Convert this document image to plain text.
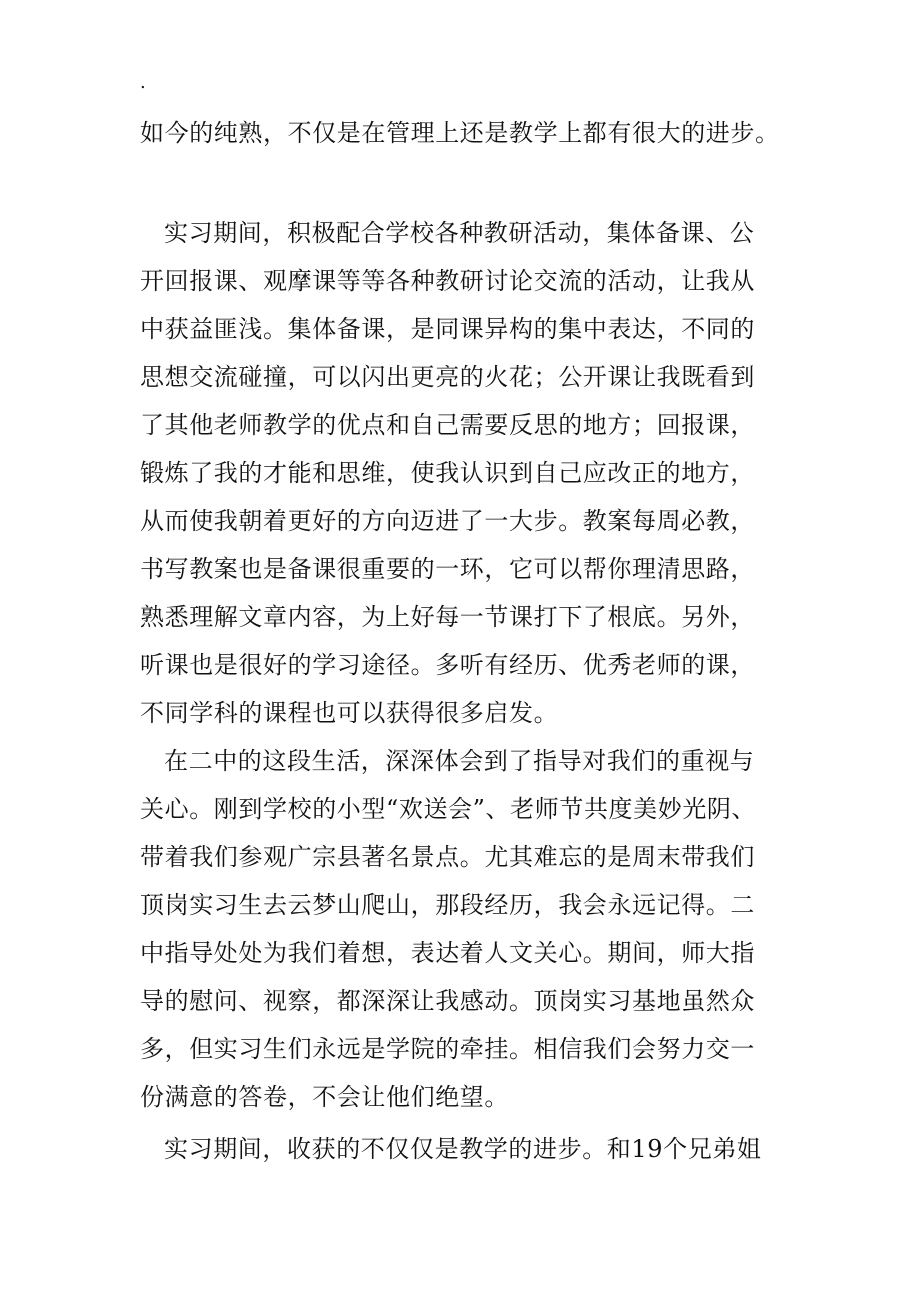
.
如今的纯熟，不仅是在管理上还是教学上都有很大的进步。
实习期间，积极配合学校各种教研活动，集体备课、公
开回报课、观摩课等等各种教研讨论交流的活动，让我从
中获益匪浅。集体备课，是同课异构的集中表达，不同的
思想交流碰撞，可以闪出更亮的火花；公开课让我既看到
了其他老师教学的优点和自己需要反思的地方；回报课，
锻炼了我的才能和思维，使我认识到自己应改正的地方，
从而使我朝着更好的方向迈进了一大步。教案每周必教，
书写教案也是备课很重要的一环，它可以帮你理清思路，
熟悉理解文章内容，为上好每一节课打下了根底。另外，
听课也是很好的学习途径。多听有经历、优秀老师的课，
不同学科的课程也可以获得很多启发。
在二中的这段生活，深深体会到了指导对我们的重视与
关心。刚到学校的小型“欢送会”、老师节共度美妙光阴、
带着我们参观广宗县著名景点。尤其难忘的是周末带我们
顶岗实习生去云梦山爬山，那段经历，我会永远记得。二
中指导处处为我们着想，表达着人文关心。期间，师大指
导的慰问、视察，都深深让我感动。顶岗实习基地虽然众
多，但实习生们永远是学院的牵挂。相信我们会努力交一
份满意的答卷，不会让他们绝望。
实习期间，收获的不仅仅是教学的进步。和19个兄弟姐
